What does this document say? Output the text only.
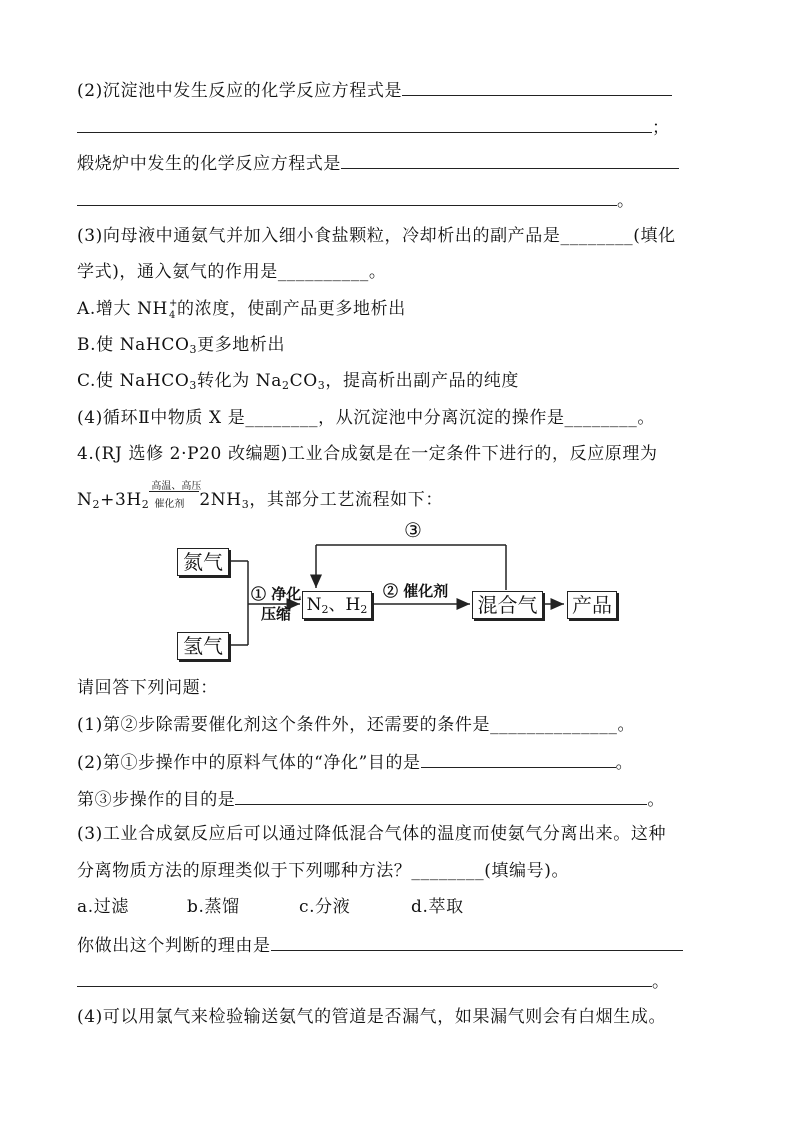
(2)沉淀池中发生反应的化学反应方程式是
；
煅烧炉中发生的化学反应方程式是
。
(3)向母液中通氨气并加入细小食盐颗粒，冷却析出的副产品是________(填化
学式)，通入氨气的作用是__________。
A.增大 NH +
4 的浓度，使副产品更多地析出
B.使 NaHCO$_3$更多地析出
C.使 NaHCO$_3$转化为 $Na_2CO_3$，提高析出副产品的纯度
(4)循环Ⅱ中物质 X 是________，从沉淀池中分离沉淀的操作是________。
4.(RJ 选修 2·P20 改编题)工业合成氨是在一定条件下进行的，反应原理为
$N_2+3H_2$
高温、高压
催化剂 $2NH_3$，其部分工艺流程如下：
③
氮气
氢气
① 净化
压缩 $N_2$、$H_2$
② 催化剂
混合气 产品
请回答下列问题：
(1)第②步除需要催化剂这个条件外，还需要的条件是______________。
(2)第①步操作中的原料气体的“净化”目的是	。
第③步操作的目的是	。
(3)工业合成氨反应后可以通过降低混合气体的温度而使氨气分离出来。这种
分离物质方法的原理类似于下列哪种方法？________(填编号)。
a.过滤	b.蒸馏	c.分液	d.萃取
你做出这个判断的理由是
。
(4)可以用氯气来检验输送氨气的管道是否漏气，如果漏气则会有白烟生成。
